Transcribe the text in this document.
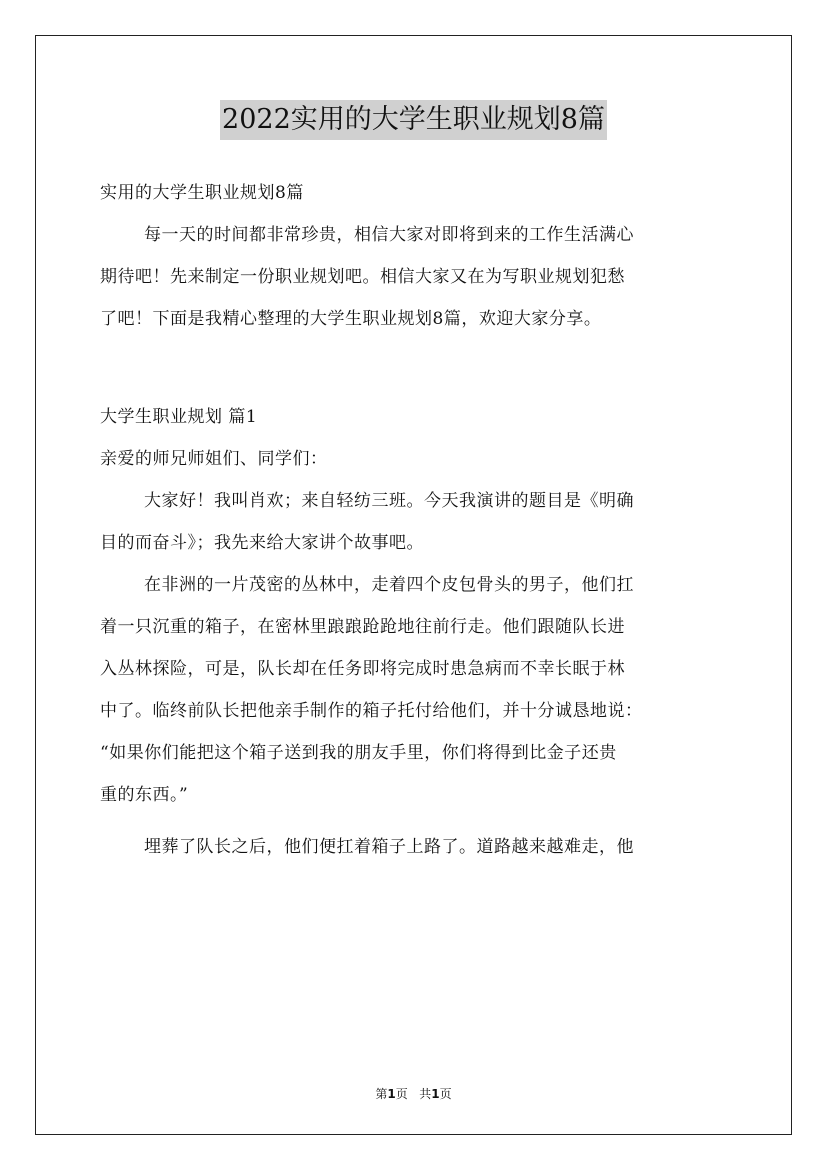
2022实用的大学生职业规划8篇
实用的大学生职业规划8篇
每一天的时间都非常珍贵，相信大家对即将到来的工作生活满心
期待吧！先来制定一份职业规划吧。相信大家又在为写职业规划犯愁
了吧！下面是我精心整理的大学生职业规划8篇，欢迎大家分享。
大学生职业规划 篇1
亲爱的师兄师姐们、同学们：
大家好！我叫肖欢；来自轻纺三班。今天我演讲的题目是《明确
目的而奋斗》；我先来给大家讲个故事吧。
在非洲的一片茂密的丛林中，走着四个皮包骨头的男子，他们扛
着一只沉重的箱子，在密林里踉踉跄跄地往前行走。他们跟随队长进
入丛林探险，可是，队长却在任务即将完成时患急病而不幸长眠于林
中了。临终前队长把他亲手制作的箱子托付给他们，并十分诚恳地说：
“如果你们能把这个箱子送到我的朋友手里，你们将得到比金子还贵
重的东西。”
埋葬了队长之后，他们便扛着箱子上路了。道路越来越难走，他
第1页 共1页
